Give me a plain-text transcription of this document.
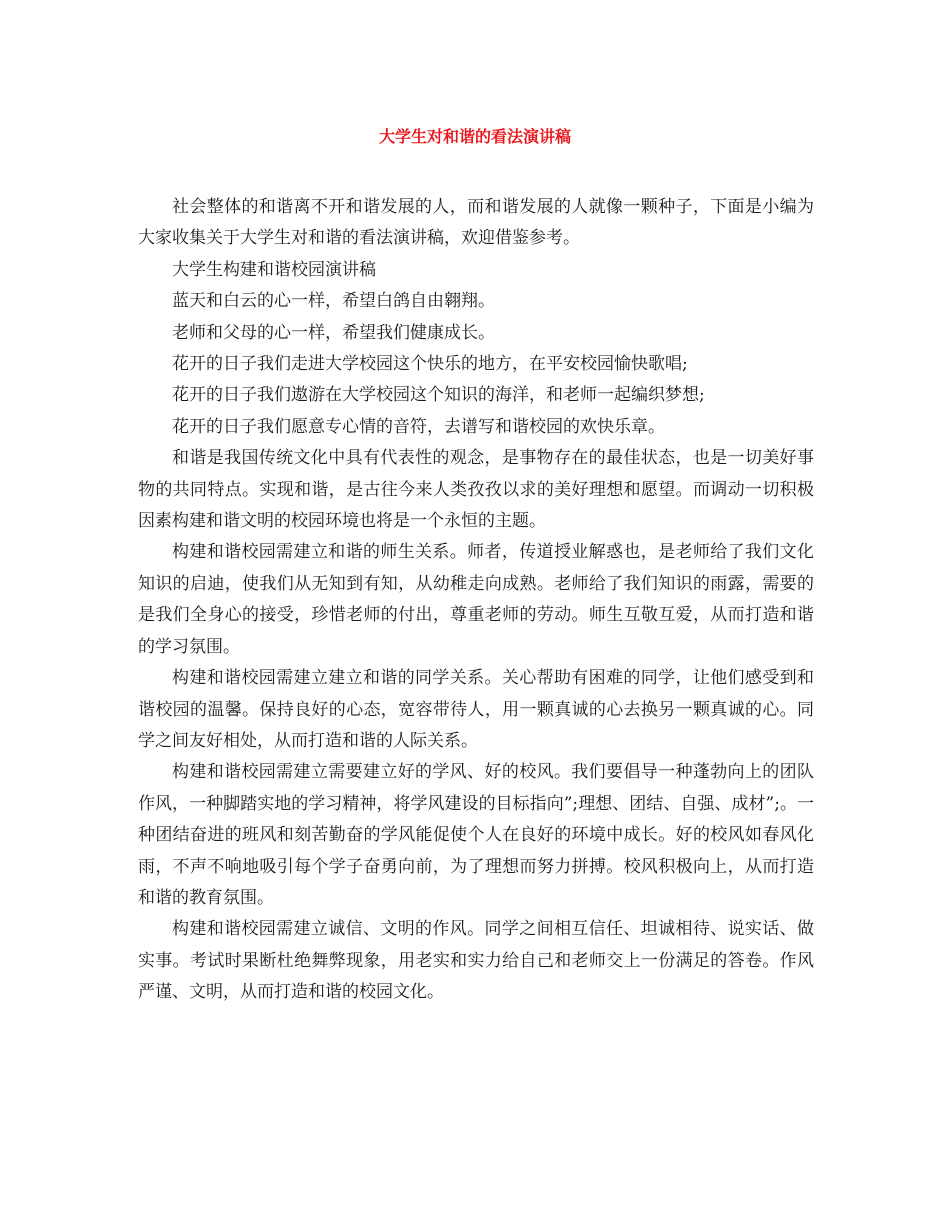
大学生对和谐的看法演讲稿

社会整体的和谐离不开和谐发展的人，而和谐发展的人就像一颗种子，下面是小编为大家收集关于大学生对和谐的看法演讲稿，欢迎借鉴参考。

大学生构建和谐校园演讲稿

蓝天和白云的心一样，希望白鸽自由翱翔。

老师和父母的心一样，希望我们健康成长。

花开的日子我们走进大学校园这个快乐的地方，在平安校园愉快歌唱;

花开的日子我们遨游在大学校园这个知识的海洋，和老师一起编织梦想;

花开的日子我们愿意专心情的音符，去谱写和谐校园的欢快乐章。

和谐是我国传统文化中具有代表性的观念，是事物存在的最佳状态，也是一切美好事物的共同特点。实现和谐，是古往今来人类孜孜以求的美好理想和愿望。而调动一切积极因素构建和谐文明的校园环境也将是一个永恒的主题。

构建和谐校园需建立和谐的师生关系。师者，传道授业解惑也，是老师给了我们文化知识的启迪，使我们从无知到有知，从幼稚走向成熟。老师给了我们知识的雨露，需要的是我们全身心的接受，珍惜老师的付出，尊重老师的劳动。师生互敬互爱，从而打造和谐的学习氛围。

构建和谐校园需建立建立和谐的同学关系。关心帮助有困难的同学，让他们感受到和谐校园的温馨。保持良好的心态，宽容带待人，用一颗真诚的心去换另一颗真诚的心。同学之间友好相处，从而打造和谐的人际关系。

构建和谐校园需建立需要建立好的学风、好的校风。我们要倡导一种蓬勃向上的团队作风，一种脚踏实地的学习精神，将学风建设的目标指向”;理想、团结、自强、成材”;。一种团结奋进的班风和刻苦勤奋的学风能促使个人在良好的环境中成长。好的校风如春风化雨，不声不响地吸引每个学子奋勇向前，为了理想而努力拼搏。校风积极向上，从而打造和谐的教育氛围。

构建和谐校园需建立诚信、文明的作风。同学之间相互信任、坦诚相待、说实话、做实事。考试时果断杜绝舞弊现象，用老实和实力给自己和老师交上一份满足的答卷。作风严谨、文明，从而打造和谐的校园文化。
